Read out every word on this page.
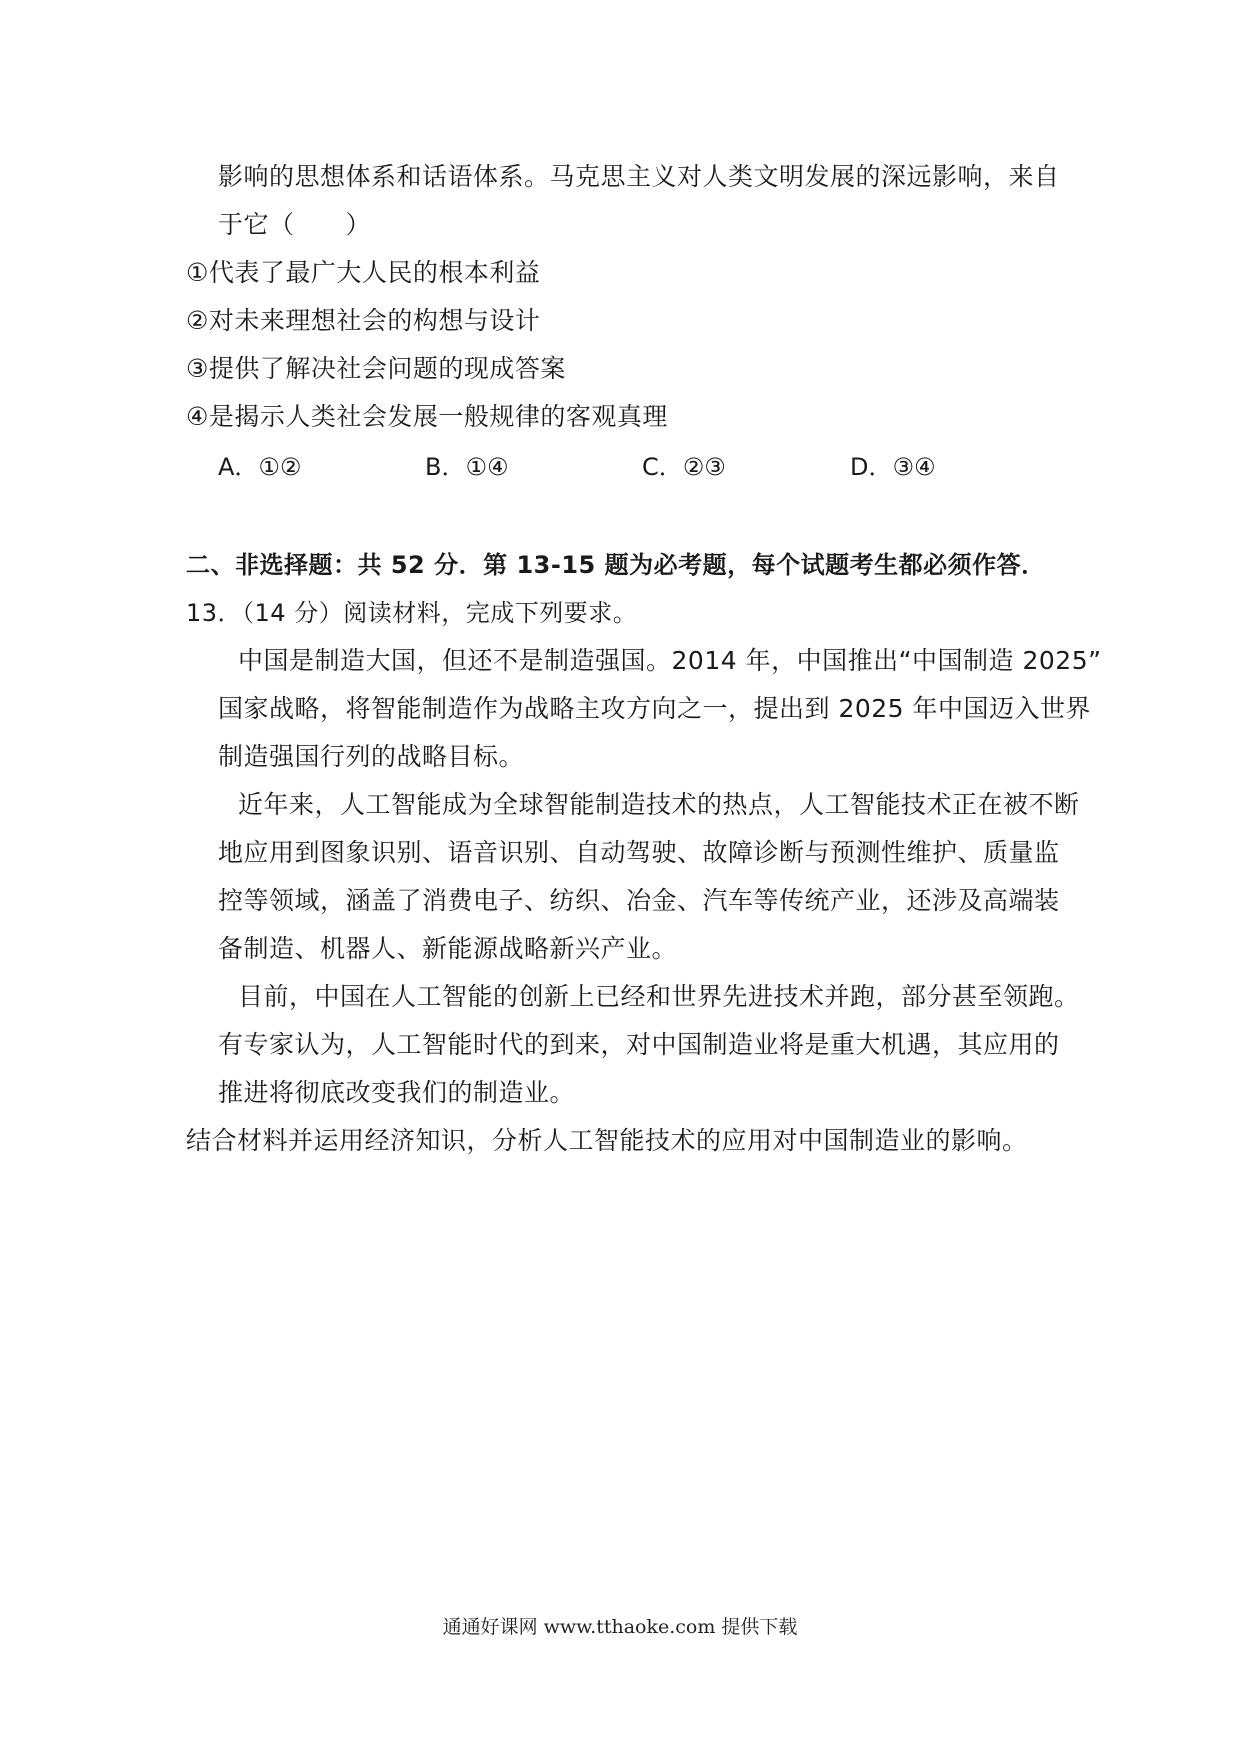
影响的思想体系和话语体系。马克思主义对人类文明发展的深远影响，来自
于它（　　）
①代表了最广大人民的根本利益
②对未来理想社会的构想与设计
③提供了解决社会问题的现成答案
④是揭示人类社会发展一般规律的客观真理
A．①②	B．①④	C．②③	D．③④
二、非选择题：共 52 分．第 13-15 题为必考题，每个试题考生都必须作答．
13．（14 分）阅读材料，完成下列要求。
中国是制造大国，但还不是制造强国。2014 年，中国推出“中国制造 2025”
国家战略，将智能制造作为战略主攻方向之一，提出到 2025 年中国迈入世界
制造强国行列的战略目标。
近年来，人工智能成为全球智能制造技术的热点，人工智能技术正在被不断
地应用到图象识别、语音识别、自动驾驶、故障诊断与预测性维护、质量监
控等领域，涵盖了消费电子、纺织、冶金、汽车等传统产业，还涉及高端装
备制造、机器人、新能源战略新兴产业。
目前，中国在人工智能的创新上已经和世界先进技术并跑，部分甚至领跑。
有专家认为，人工智能时代的到来，对中国制造业将是重大机遇，其应用的
推进将彻底改变我们的制造业。
结合材料并运用经济知识，分析人工智能技术的应用对中国制造业的影响。
通通好课网 www.tthaoke.com 提供下载
